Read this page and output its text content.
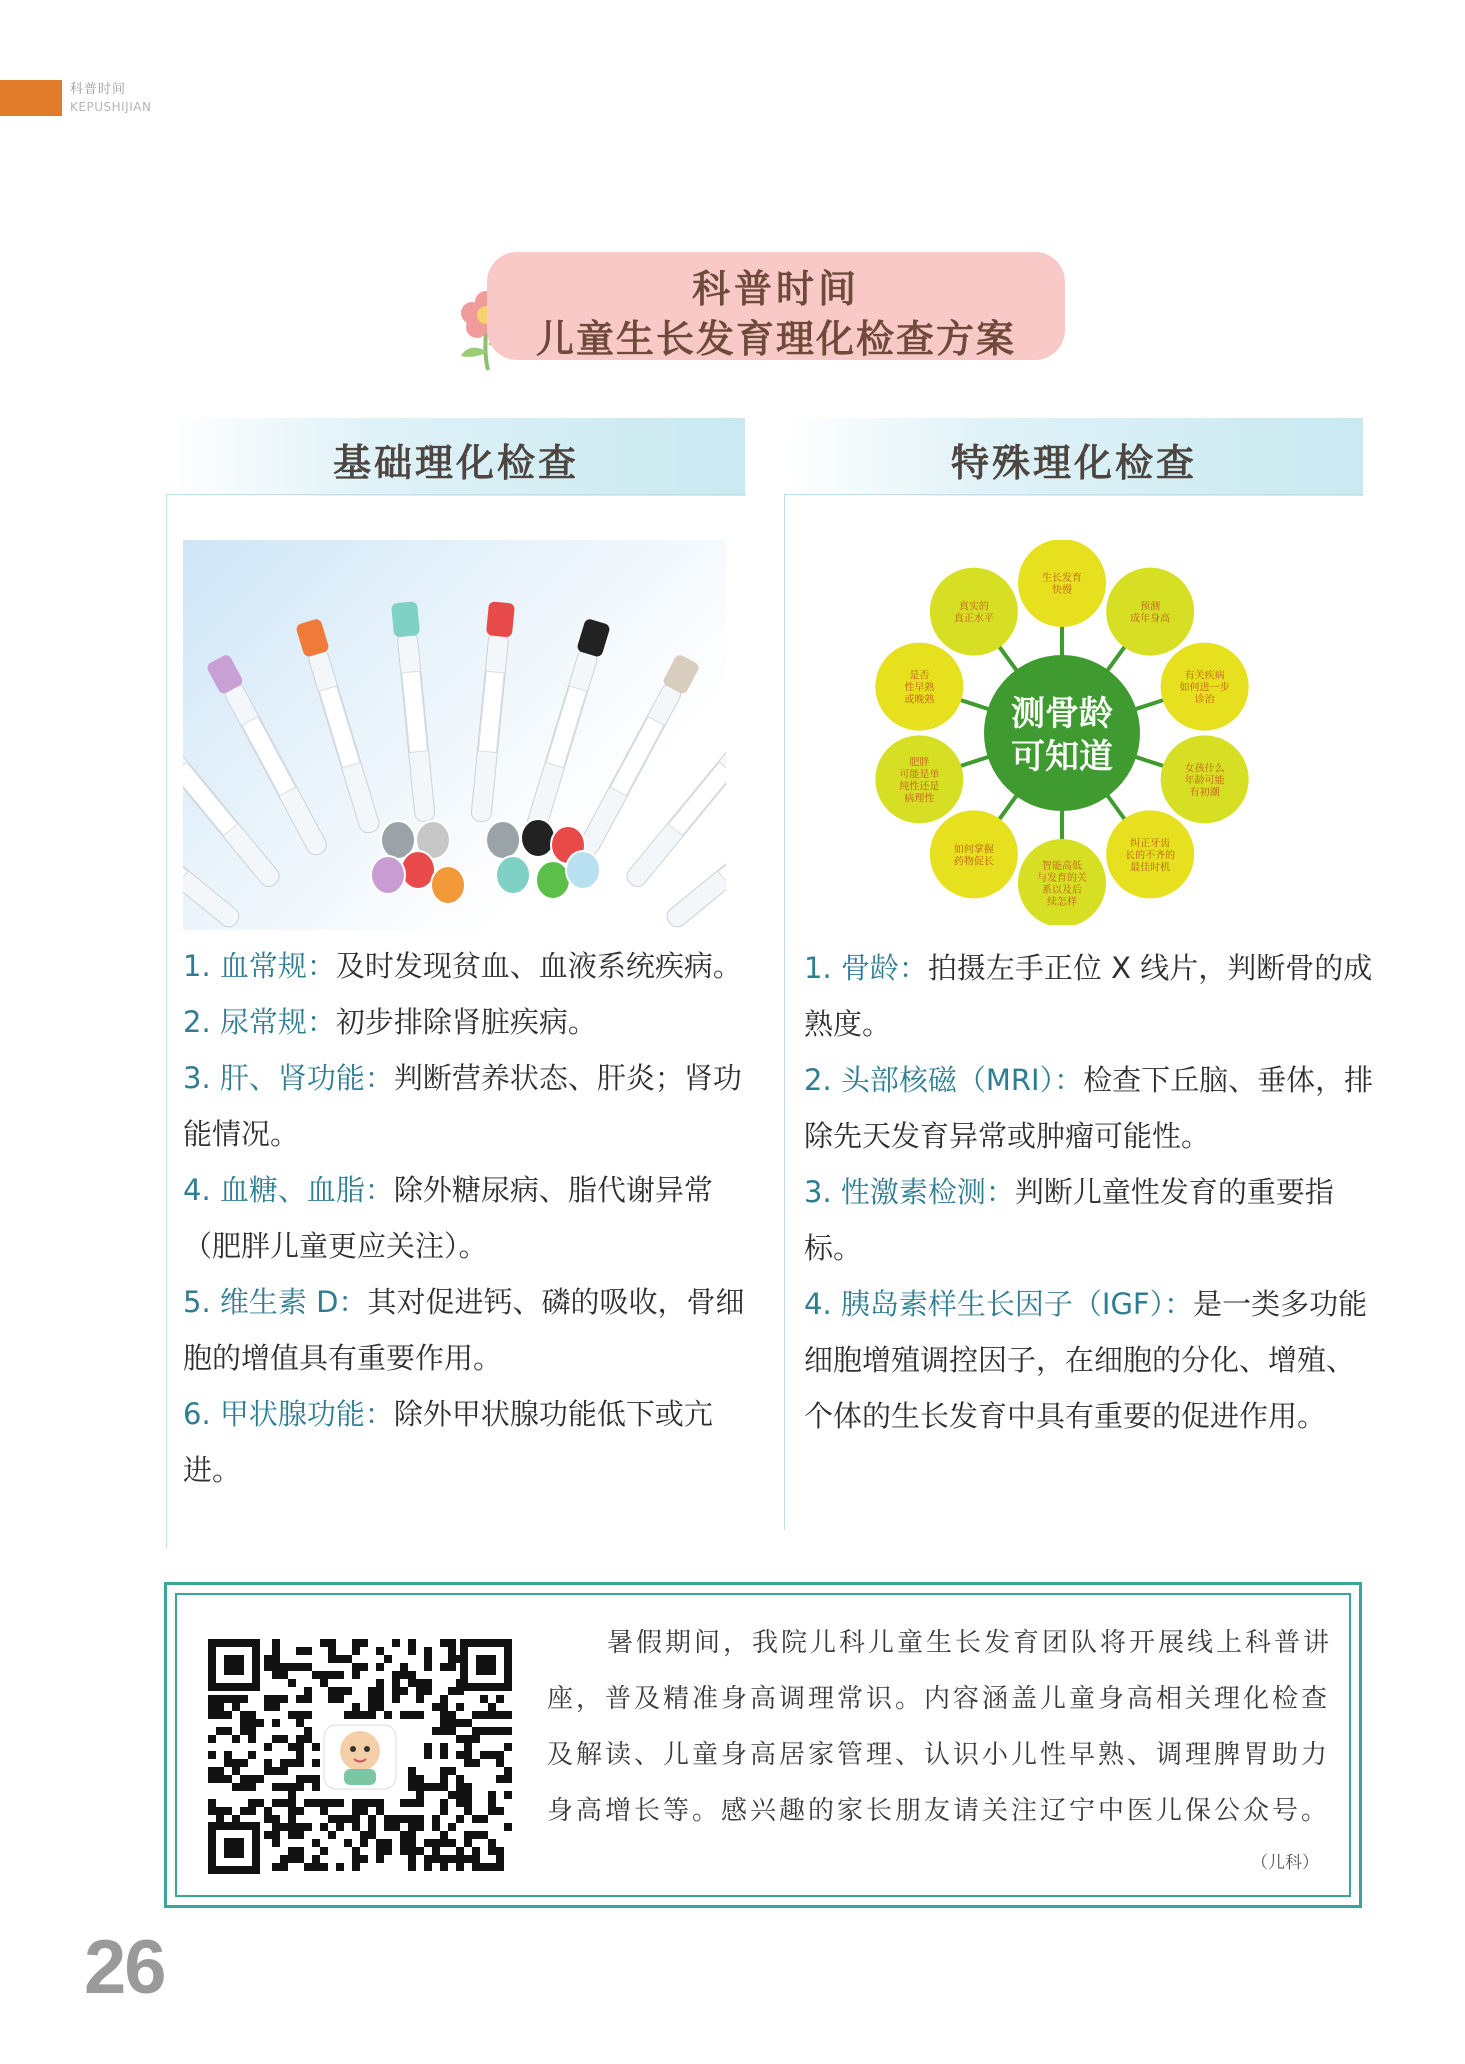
科普时间
KEPUSHIJIAN
科普时间
儿童生长发育理化检查方案
基础理化检查	特殊理化检查
生长发育
快慢
预测
成年身高
有关疾病
如何进一步
诊治
女孩什么
年龄可能
有初潮
纠正牙齿
长的不齐的
最佳时机
智能高低
与发育的关
系以及后
续怎样
如何掌握
药物促长
肥胖
可能是单
纯性还是
病理性
是否
性早熟
或晚熟
真实的
真正水平
测骨龄
可知道
1. 血常规：及时发现贫血、血液系统疾病。
2. 尿常规：初步排除肾脏疾病。
3. 肝、肾功能：判断营养状态、肝炎；肾功能情况。
4. 血糖、血脂：除外糖尿病、脂代谢异常（肥胖儿童更应关注）。
5. 维生素 D：其对促进钙、磷的吸收，骨细胞的增值具有重要作用。
6. 甲状腺功能：除外甲状腺功能低下或亢进。
1. 骨龄：拍摄左手正位 X 线片，判断骨的成熟度。
2. 头部核磁（MRI）：检查下丘脑、垂体，排除先天发育异常或肿瘤可能性。
3. 性激素检测：判断儿童性发育的重要指标。
4. 胰岛素样生长因子（IGF）：是一类多功能细胞增殖调控因子，在细胞的分化、增殖、个体的生长发育中具有重要的促进作用。
暑假期间，我院儿科儿童生长发育团队将开展线上科普讲座，普及精准身高调理常识。内容涵盖儿童身高相关理化检查及解读、儿童身高居家管理、认识小儿性早熟、调理脾胃助力身高增长等。感兴趣的家长朋友请关注辽宁中医儿保公众号。
（儿科）
26
